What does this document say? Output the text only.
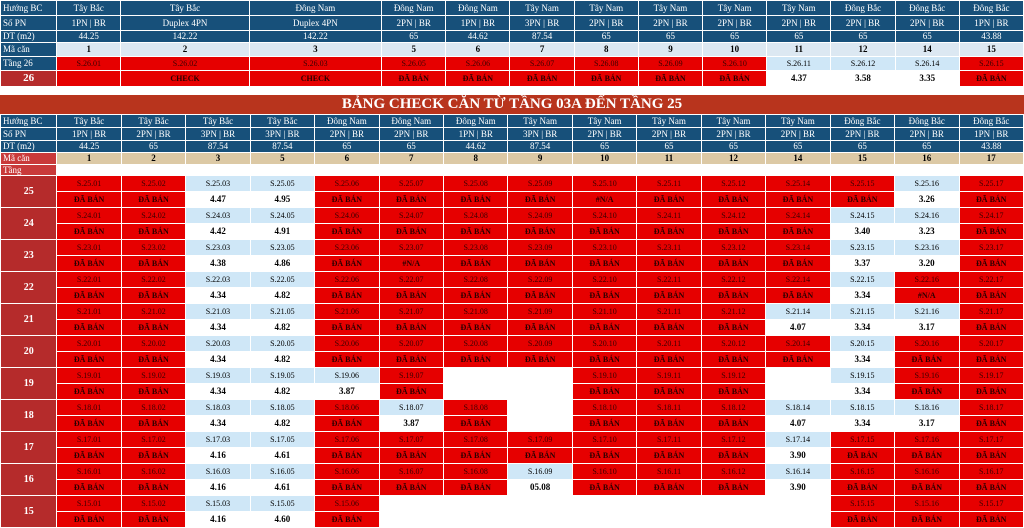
Hướng BC	Tây Bắc	Tây Bắc	Đông Nam	Đông Nam	Đông Nam	Tây Nam	Tây Nam	Tây Nam	Tây Nam	Tây Nam	Đông Bắc	Đông Bắc	Đông Bắc
Số PN	1PN | BR	Duplex 4PN	Duplex 4PN	2PN | BR	1PN | BR	3PN | BR	2PN | BR	2PN | BR	2PN | BR	2PN | BR	2PN | BR	2PN | BR	1PN | BR
DT (m2)	44.25	142.22	142.22	65	44.62	87.54	65	65	65	65	65	65	43.88
Mã căn	1	2	3	5	6	7	8	9	10	11	12	14	15
Tầng 26	S.26.01	S.26.02	S.26.03	S.26.05	S.26.06	S.26.07	S.26.08	S.26.09	S.26.10	S.26.11	S.26.12	S.26.14	S.26.15
26		CHECK	CHECK	ĐÃ BÁN	ĐÃ BÁN	ĐÃ BÁN	ĐÃ BÁN	ĐÃ BÁN	ĐÃ BÁN	4.37	3.58	3.35	ĐÃ BÁN
BẢNG CHECK CĂN TỪ TẦNG 03A ĐẾN TẦNG 25
Hướng BC	Tây Bắc	Tây Bắc	Tây Bắc	Tây Bắc	Đông Nam	Đông Nam	Đông Nam	Tây Nam	Tây Nam	Tây Nam	Tây Nam	Tây Nam	Đông Bắc	Đông Bắc	Đông Bắc
Số PN	1PN | BR	2PN | BR	3PN | BR	3PN | BR	2PN | BR	2PN | BR	1PN | BR	3PN | BR	2PN | BR	2PN | BR	2PN | BR	2PN | BR	2PN | BR	2PN | BR	1PN | BR
DT (m2)	44.25	65	87.54	87.54	65	65	44.62	87.54	65	65	65	65	65	65	43.88
Mã căn	1	2	3	5	6	7	8	9	10	11	12	14	15	16	17
Tầng															
25	S.25.01	S.25.02	S.25.03	S.25.05	S.25.06	S.25.07	S.25.08	S.25.09	S.25.10	S.25.11	S.25.12	S.25.14	S.25.15	S.25.16	S.25.17
	ĐÃ BÁN	ĐÃ BÁN	4.47	4.95	ĐÃ BÁN	ĐÃ BÁN	ĐÃ BÁN	ĐÃ BÁN	#N/A	ĐÃ BÁN	ĐÃ BÁN	ĐÃ BÁN	ĐÃ BÁN	3.26	ĐÃ BÁN
24	S.24.01	S.24.02	S.24.03	S.24.05	S.24.06	S.24.07	S.24.08	S.24.09	S.24.10	S.24.11	S.24.12	S.24.14	S.24.15	S.24.16	S.24.17
	ĐÃ BÁN	ĐÃ BÁN	4.42	4.91	ĐÃ BÁN	ĐÃ BÁN	ĐÃ BÁN	ĐÃ BÁN	ĐÃ BÁN	ĐÃ BÁN	ĐÃ BÁN	ĐÃ BÁN	3.40	3.23	ĐÃ BÁN
23	S.23.01	S.23.02	S.23.03	S.23.05	S.23.06	S.23.07	S.23.08	S.23.09	S.23.10	S.23.11	S.23.12	S.23.14	S.23.15	S.23.16	S.23.17
	ĐÃ BÁN	ĐÃ BÁN	4.38	4.86	ĐÃ BÁN	#N/A	ĐÃ BÁN	ĐÃ BÁN	ĐÃ BÁN	ĐÃ BÁN	ĐÃ BÁN	ĐÃ BÁN	3.37	3.20	ĐÃ BÁN
22	S.22.01	S.22.02	S.22.03	S.22.05	S.22.06	S.22.07	S.22.08	S.22.09	S.22.10	S.22.11	S.22.12	S.22.14	S.22.15	S.22.16	S.22.17
	ĐÃ BÁN	ĐÃ BÁN	4.34	4.82	ĐÃ BÁN	ĐÃ BÁN	ĐÃ BÁN	ĐÃ BÁN	ĐÃ BÁN	ĐÃ BÁN	ĐÃ BÁN	ĐÃ BÁN	3.34	#N/A	ĐÃ BÁN
21	S.21.01	S.21.02	S.21.03	S.21.05	S.21.06	S.21.07	S.21.08	S.21.09	S.21.10	S.21.11	S.21.12	S.21.14	S.21.15	S.21.16	S.21.17
	ĐÃ BÁN	ĐÃ BÁN	4.34	4.82	ĐÃ BÁN	ĐÃ BÁN	ĐÃ BÁN	ĐÃ BÁN	ĐÃ BÁN	ĐÃ BÁN	ĐÃ BÁN	4.07	3.34	3.17	ĐÃ BÁN
20	S.20.01	S.20.02	S.20.03	S.20.05	S.20.06	S.20.07	S.20.08	S.20.09	S.20.10	S.20.11	S.20.12	S.20.14	S.20.15	S.20.16	S.20.17
	ĐÃ BÁN	ĐÃ BÁN	4.34	4.82	ĐÃ BÁN	ĐÃ BÁN	ĐÃ BÁN	ĐÃ BÁN	ĐÃ BÁN	ĐÃ BÁN	ĐÃ BÁN	ĐÃ BÁN	3.34	ĐÃ BÁN	ĐÃ BÁN
19	S.19.01	S.19.02	S.19.03	S.19.05	S.19.06	S.19.07			S.19.10	S.19.11	S.19.12		S.19.15	S.19.16	S.19.17
	ĐÃ BÁN	ĐÃ BÁN	4.34	4.82	3.87	ĐÃ BÁN			ĐÃ BÁN	ĐÃ BÁN	ĐÃ BÁN		3.34	ĐÃ BÁN	ĐÃ BÁN
18	S.18.01	S.18.02	S.18.03	S.18.05	S.18.06	S.18.07	S.18.08		S.18.10	S.18.11	S.18.12	S.18.14	S.18.15	S.18.16	S.18.17
	ĐÃ BÁN	ĐÃ BÁN	4.34	4.82	ĐÃ BÁN	3.87	ĐÃ BÁN		ĐÃ BÁN	ĐÃ BÁN	ĐÃ BÁN	4.07	3.34	3.17	ĐÃ BÁN
17	S.17.01	S.17.02	S.17.03	S.17.05	S.17.06	S.17.07	S.17.08	S.17.09	S.17.10	S.17.11	S.17.12	S.17.14	S.17.15	S.17.16	S.17.17
	ĐÃ BÁN	ĐÃ BÁN	4.16	4.61	ĐÃ BÁN	ĐÃ BÁN	ĐÃ BÁN	ĐÃ BÁN	ĐÃ BÁN	ĐÃ BÁN	ĐÃ BÁN	3.90	ĐÃ BÁN	ĐÃ BÁN	ĐÃ BÁN
16	S.16.01	S.16.02	S.16.03	S.16.05	S.16.06	S.16.07	S.16.08	S.16.09	S.16.10	S.16.11	S.16.12	S.16.14	S.16.15	S.16.16	S.16.17
	ĐÃ BÁN	ĐÃ BÁN	4.16	4.61	ĐÃ BÁN	ĐÃ BÁN	ĐÃ BÁN	05.08	ĐÃ BÁN	ĐÃ BÁN	ĐÃ BÁN	3.90	ĐÃ BÁN	ĐÃ BÁN	ĐÃ BÁN
15	S.15.01	S.15.02	S.15.03	S.15.05	S.15.06								S.15.15	S.15.16	S.15.17
	ĐÃ BÁN	ĐÃ BÁN	4.16	4.60	ĐÃ BÁN								ĐÃ BÁN	ĐÃ BÁN	ĐÃ BÁN
